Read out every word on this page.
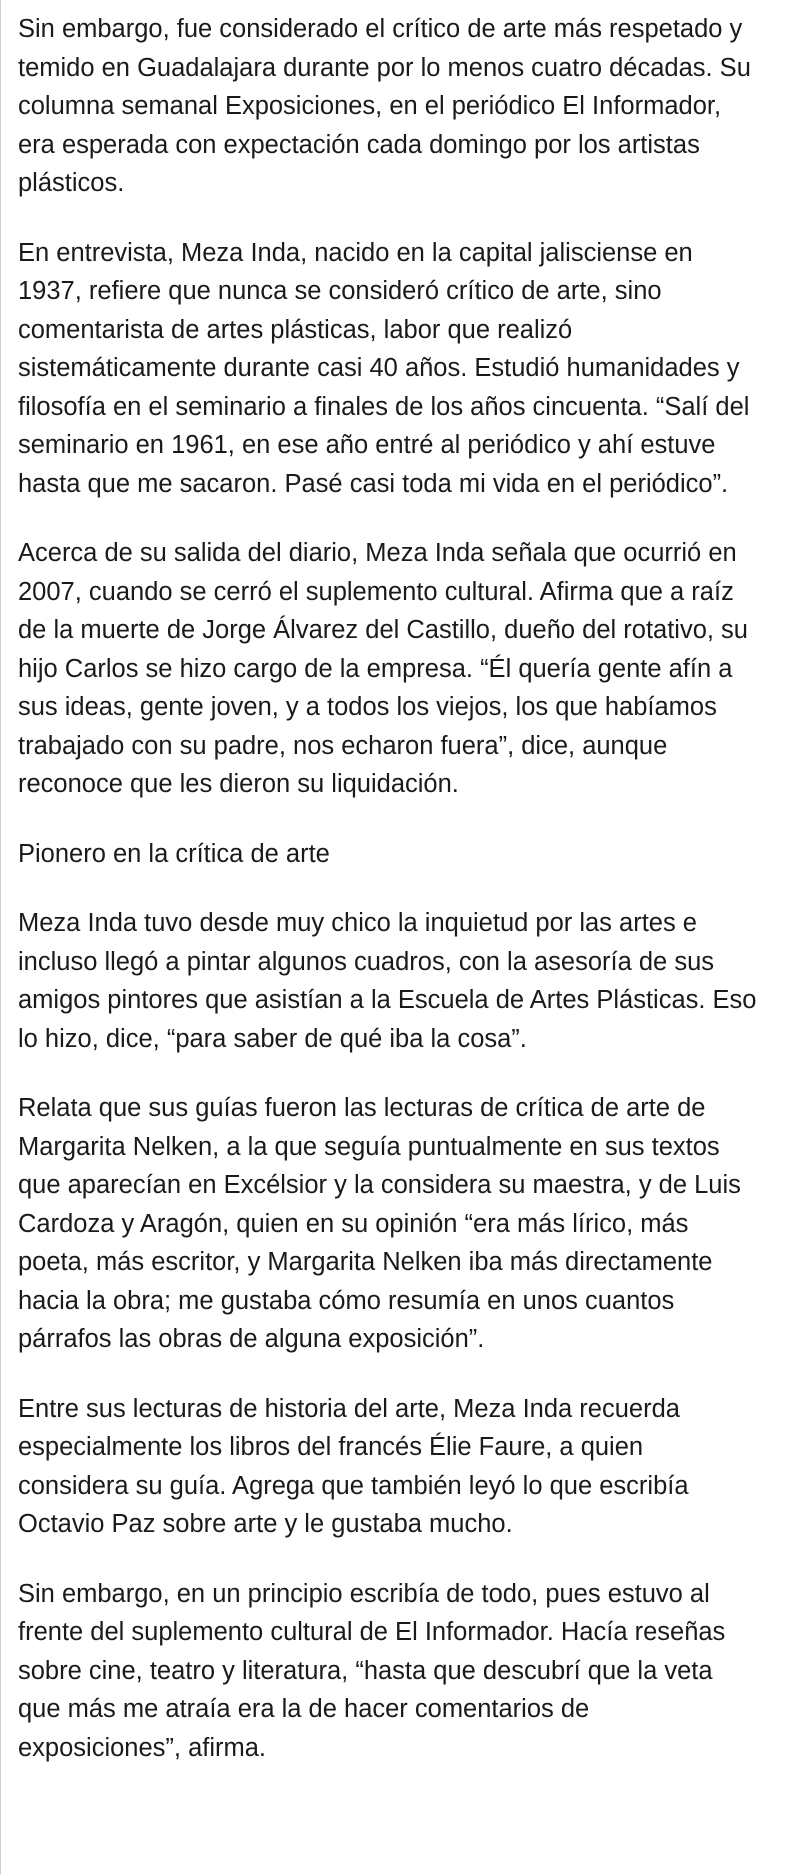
Sin embargo, fue considerado el crítico de arte más respetado y temido en Guadalajara durante por lo menos cuatro décadas. Su columna semanal Exposiciones, en el periódico El Informador, era esperada con expectación cada domingo por los artistas plásticos.

En entrevista, Meza Inda, nacido en la capital jalisciense en 1937, refiere que nunca se consideró crítico de arte, sino comentarista de artes plásticas, labor que realizó sistemáticamente durante casi 40 años. Estudió humanidades y filosofía en el seminario a finales de los años cincuenta. “Salí del seminario en 1961, en ese año entré al periódico y ahí estuve hasta que me sacaron. Pasé casi toda mi vida en el periódico”.

Acerca de su salida del diario, Meza Inda señala que ocurrió en 2007, cuando se cerró el suplemento cultural. Afirma que a raíz de la muerte de Jorge Álvarez del Castillo, dueño del rotativo, su hijo Carlos se hizo cargo de la empresa. “Él quería gente afín a sus ideas, gente joven, y a todos los viejos, los que habíamos trabajado con su padre, nos echaron fuera”, dice, aunque reconoce que les dieron su liquidación.

Pionero en la crítica de arte

Meza Inda tuvo desde muy chico la inquietud por las artes e incluso llegó a pintar algunos cuadros, con la asesoría de sus amigos pintores que asistían a la Escuela de Artes Plásticas. Eso lo hizo, dice, “para saber de qué iba la cosa”.

Relata que sus guías fueron las lecturas de crítica de arte de Margarita Nelken, a la que seguía puntualmente en sus textos que aparecían en Excélsior y la considera su maestra, y de Luis Cardoza y Aragón, quien en su opinión “era más lírico, más poeta, más escritor, y Margarita Nelken iba más directamente hacia la obra; me gustaba cómo resumía en unos cuantos párrafos las obras de alguna exposición”.

Entre sus lecturas de historia del arte, Meza Inda recuerda especialmente los libros del francés Élie Faure, a quien considera su guía. Agrega que también leyó lo que escribía Octavio Paz sobre arte y le gustaba mucho.

Sin embargo, en un principio escribía de todo, pues estuvo al frente del suplemento cultural de El Informador. Hacía reseñas sobre cine, teatro y literatura, “hasta que descubrí que la veta que más me atraía era la de hacer comentarios de exposiciones”, afirma.
